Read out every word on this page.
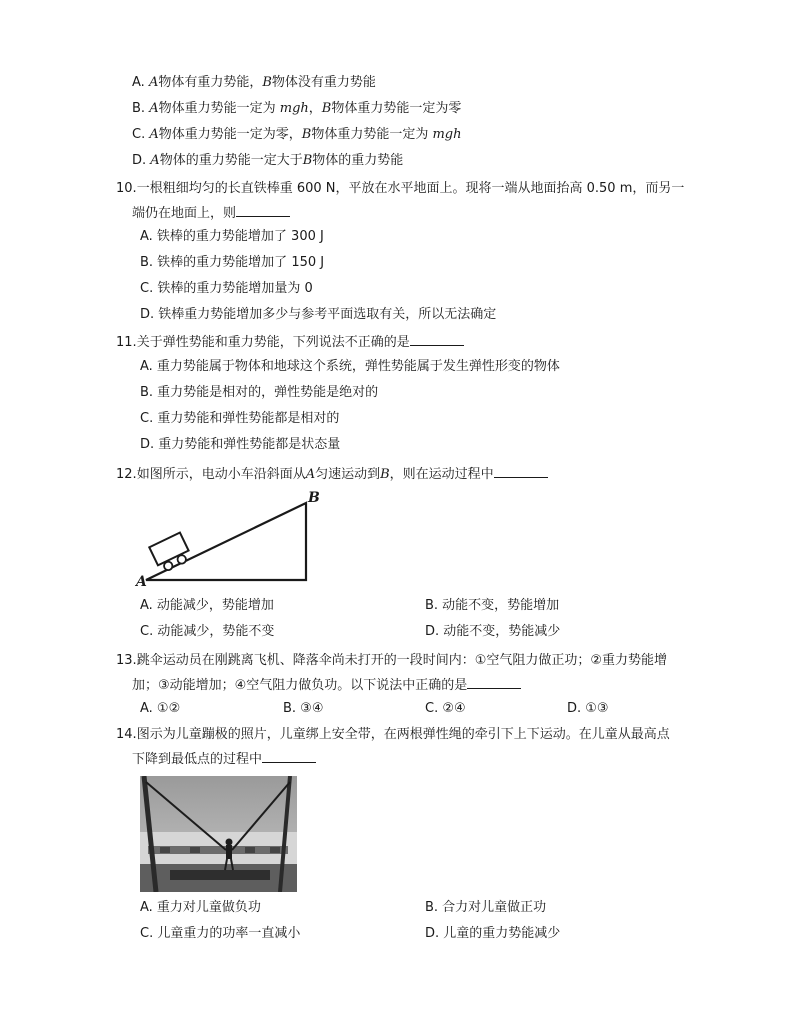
A. A物体有重力势能，B物体没有重力势能
B. A物体重力势能一定为 mgh，B物体重力势能一定为零
C. A物体重力势能一定为零，B物体重力势能一定为 mgh
D. A物体的重力势能一定大于B物体的重力势能
10.一根粗细均匀的长直铁棒重 600 N，平放在水平地面上。现将一端从地面抬高 0.50 m，而另一
端仍在地面上，则
A. 铁棒的重力势能增加了 300 J
B. 铁棒的重力势能增加了 150 J
C. 铁棒的重力势能增加量为 0
D. 铁棒重力势能增加多少与参考平面选取有关，所以无法确定
11.关于弹性势能和重力势能，下列说法不正确的是
A. 重力势能属于物体和地球这个系统，弹性势能属于发生弹性形变的物体
B. 重力势能是相对的，弹性势能是绝对的
C. 重力势能和弹性势能都是相对的
D. 重力势能和弹性势能都是状态量
12.如图所示，电动小车沿斜面从A匀速运动到B，则在运动过程中
A
B
A. 动能减少，势能增加	B. 动能不变，势能增加
C. 动能减少，势能不变	D. 动能不变，势能减少
13.跳伞运动员在刚跳离飞机、降落伞尚未打开的一段时间内：①空气阻力做正功；②重力势能增
加；③动能增加；④空气阻力做负功。以下说法中正确的是
A. ①②	B. ③④	C. ②④	D. ①③
14.图示为儿童蹦极的照片，儿童绑上安全带，在两根弹性绳的牵引下上下运动。在儿童从最高点
下降到最低点的过程中
A. 重力对儿童做负功	B. 合力对儿童做正功
C. 儿童重力的功率一直减小	D. 儿童的重力势能减少
